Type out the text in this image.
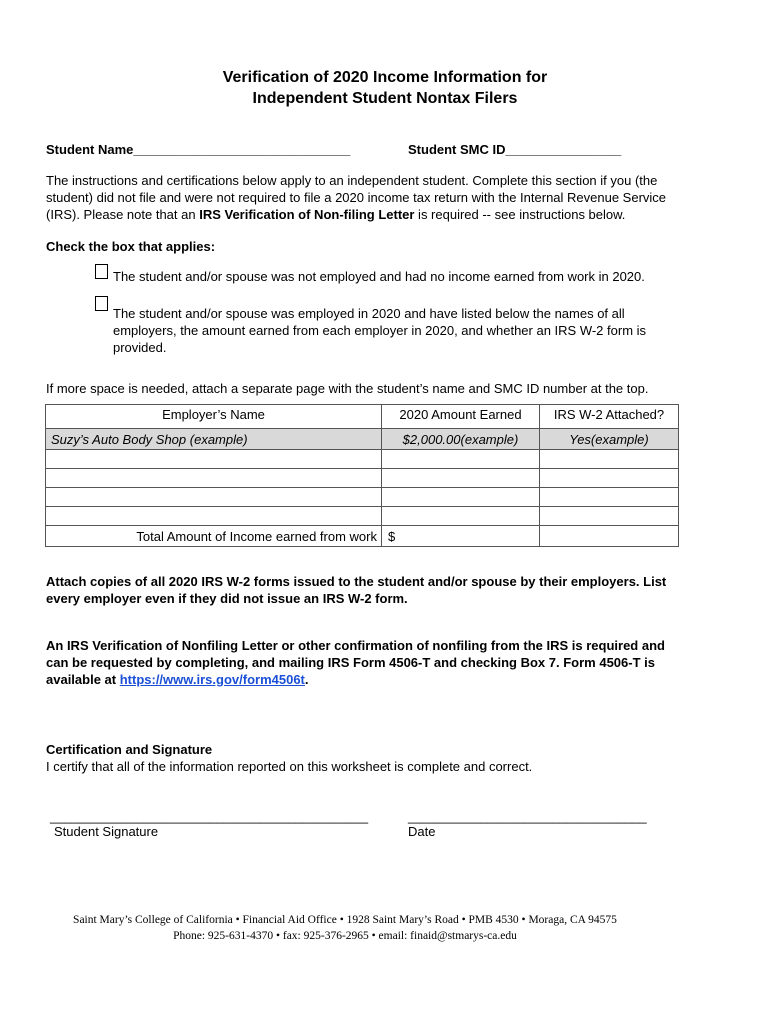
Verification of 2020 Income Information for
Independent Student Nontax Filers
Student Name______________________________	Student SMC ID________________
The instructions and certifications below apply to an independent student. Complete this section if you (the
student) did not file and were not required to file a 2020 income tax return with the Internal Revenue Service
(IRS). Please note that an IRS Verification of Non-filing Letter is required -- see instructions below.
Check the box that applies:
The student and/or spouse was not employed and had no income earned from work in 2020.
The student and/or spouse was employed in 2020 and have listed below the names of all
employers, the amount earned from each employer in 2020, and whether an IRS W-2 form is
provided.
If more space is needed, attach a separate page with the student’s name and SMC ID number at the top.
Employer’s Name	2020 Amount Earned	IRS W-2 Attached?
Suzy’s Auto Body Shop (example)	$2,000.00(example)	Yes(example)

Total Amount of Income earned from work	$	
Attach copies of all 2020 IRS W-2 forms issued to the student and/or spouse by their employers. List
every employer even if they did not issue an IRS W-2 form.
An IRS Verification of Nonfiling Letter or other confirmation of nonfiling from the IRS is required and
can be requested by completing, and mailing IRS Form 4506-T and checking Box 7. Form 4506-T is
available at https://www.irs.gov/form4506t.
Certification and Signature
I certify that all of the information reported on this worksheet is complete and correct.
____________________________________________	_________________________________
Student Signature	Date
Saint Mary’s College of California • Financial Aid Office • 1928 Saint Mary’s Road • PMB 4530 • Moraga, CA 94575
Phone: 925-631-4370 • fax: 925-376-2965 • email: finaid@stmarys-ca.edu
